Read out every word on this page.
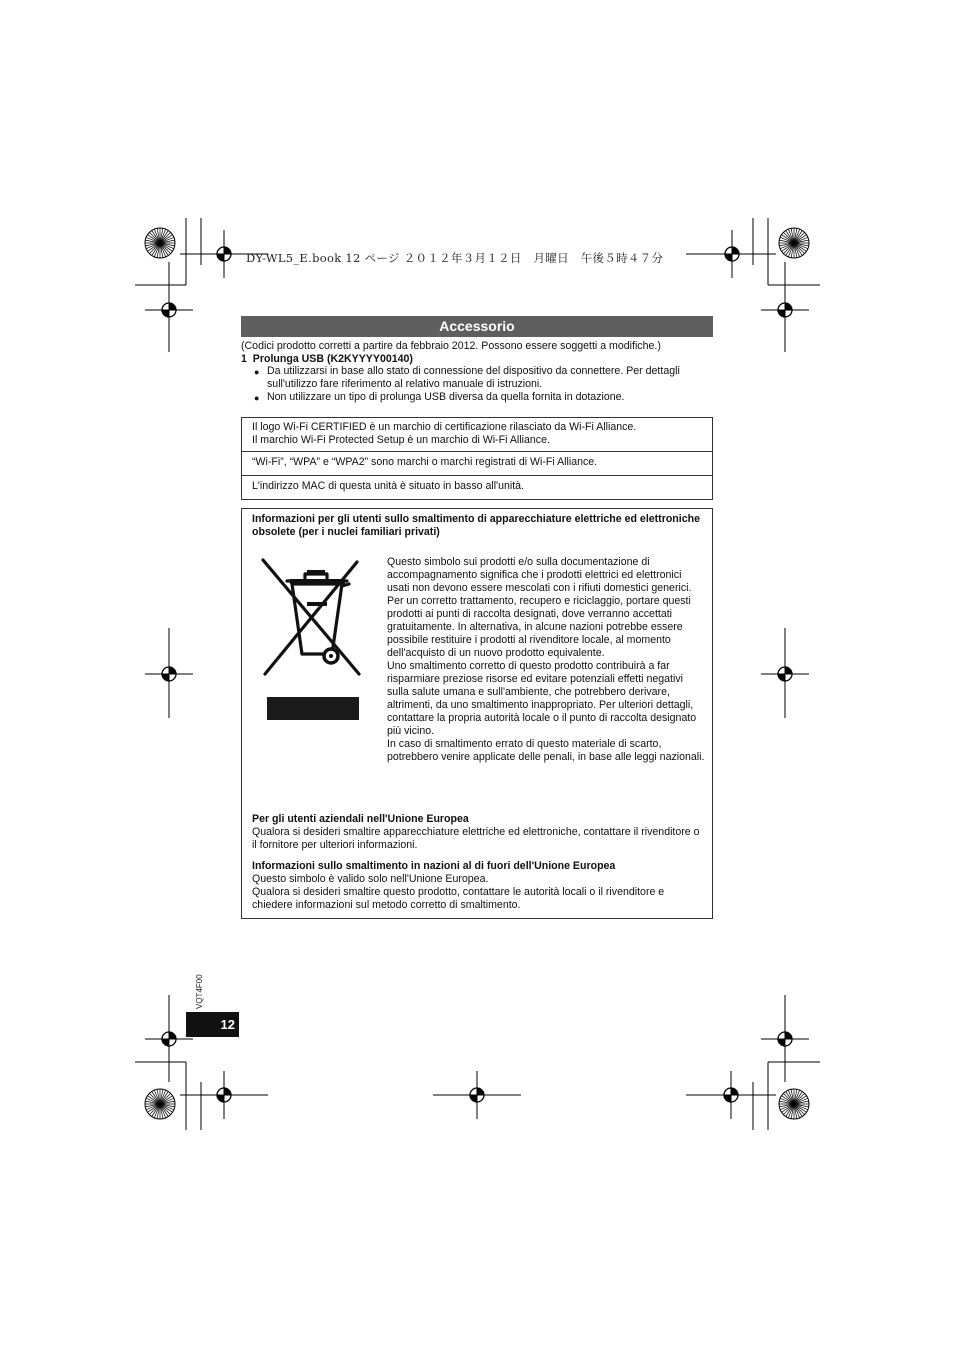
DY-WL5_E.book 12 ページ ２０１２年３月１２日　月曜日　午後５時４７分
Accessorio
(Codici prodotto corretti a partire da febbraio 2012. Possono essere soggetti a modifiche.)
1 Prolunga USB (K2KYYYY00140)
● Da utilizzarsi in base allo stato di connessione del dispositivo da connettere. Per dettagli sull'utilizzo fare riferimento al relativo manuale di istruzioni.
● Non utilizzare un tipo di prolunga USB diversa da quella fornita in dotazione.
Il logo Wi-Fi CERTIFIED è un marchio di certificazione rilasciato da Wi-Fi Alliance.
Il marchio Wi-Fi Protected Setup è un marchio di Wi-Fi Alliance.
“Wi-Fi”, “WPA” e “WPA2” sono marchi o marchi registrati di Wi-Fi Alliance.
L'indirizzo MAC di questa unità è situato in basso all'unità.
Informazioni per gli utenti sullo smaltimento di apparecchiature elettriche ed elettroniche obsolete (per i nuclei familiari privati)

Questo simbolo sui prodotti e/o sulla documentazione di accompagnamento significa che i prodotti elettrici ed elettronici usati non devono essere mescolati con i rifiuti domestici generici.

Per un corretto trattamento, recupero e riciclaggio, portare questi prodotti ai punti di raccolta designati, dove verranno accettati gratuitamente. In alternativa, in alcune nazioni potrebbe essere possibile restituire i prodotti al rivenditore locale, al momento dell'acquisto di un nuovo prodotto equivalente.

Uno smaltimento corretto di questo prodotto contribuirà a far risparmiare preziose risorse ed evitare potenziali effetti negativi sulla salute umana e sull'ambiente, che potrebbero derivare, altrimenti, da uno smaltimento inappropriato. Per ulteriori dettagli, contattare la propria autorità locale o il punto di raccolta designato più vicino.

In caso di smaltimento errato di questo materiale di scarto, potrebbero venire applicate delle penali, in base alle leggi nazionali.

Per gli utenti aziendali nell'Unione Europea

Qualora si desideri smaltire apparecchiature elettriche ed elettroniche, contattare il rivenditore o il fornitore per ulteriori informazioni.

Informazioni sullo smaltimento in nazioni al di fuori dell'Unione Europea

Questo simbolo è valido solo nell'Unione Europea.

Qualora si desideri smaltire questo prodotto, contattare le autorità locali o il rivenditore e chiedere informazioni sul metodo corretto di smaltimento.

VQT4F00
12
